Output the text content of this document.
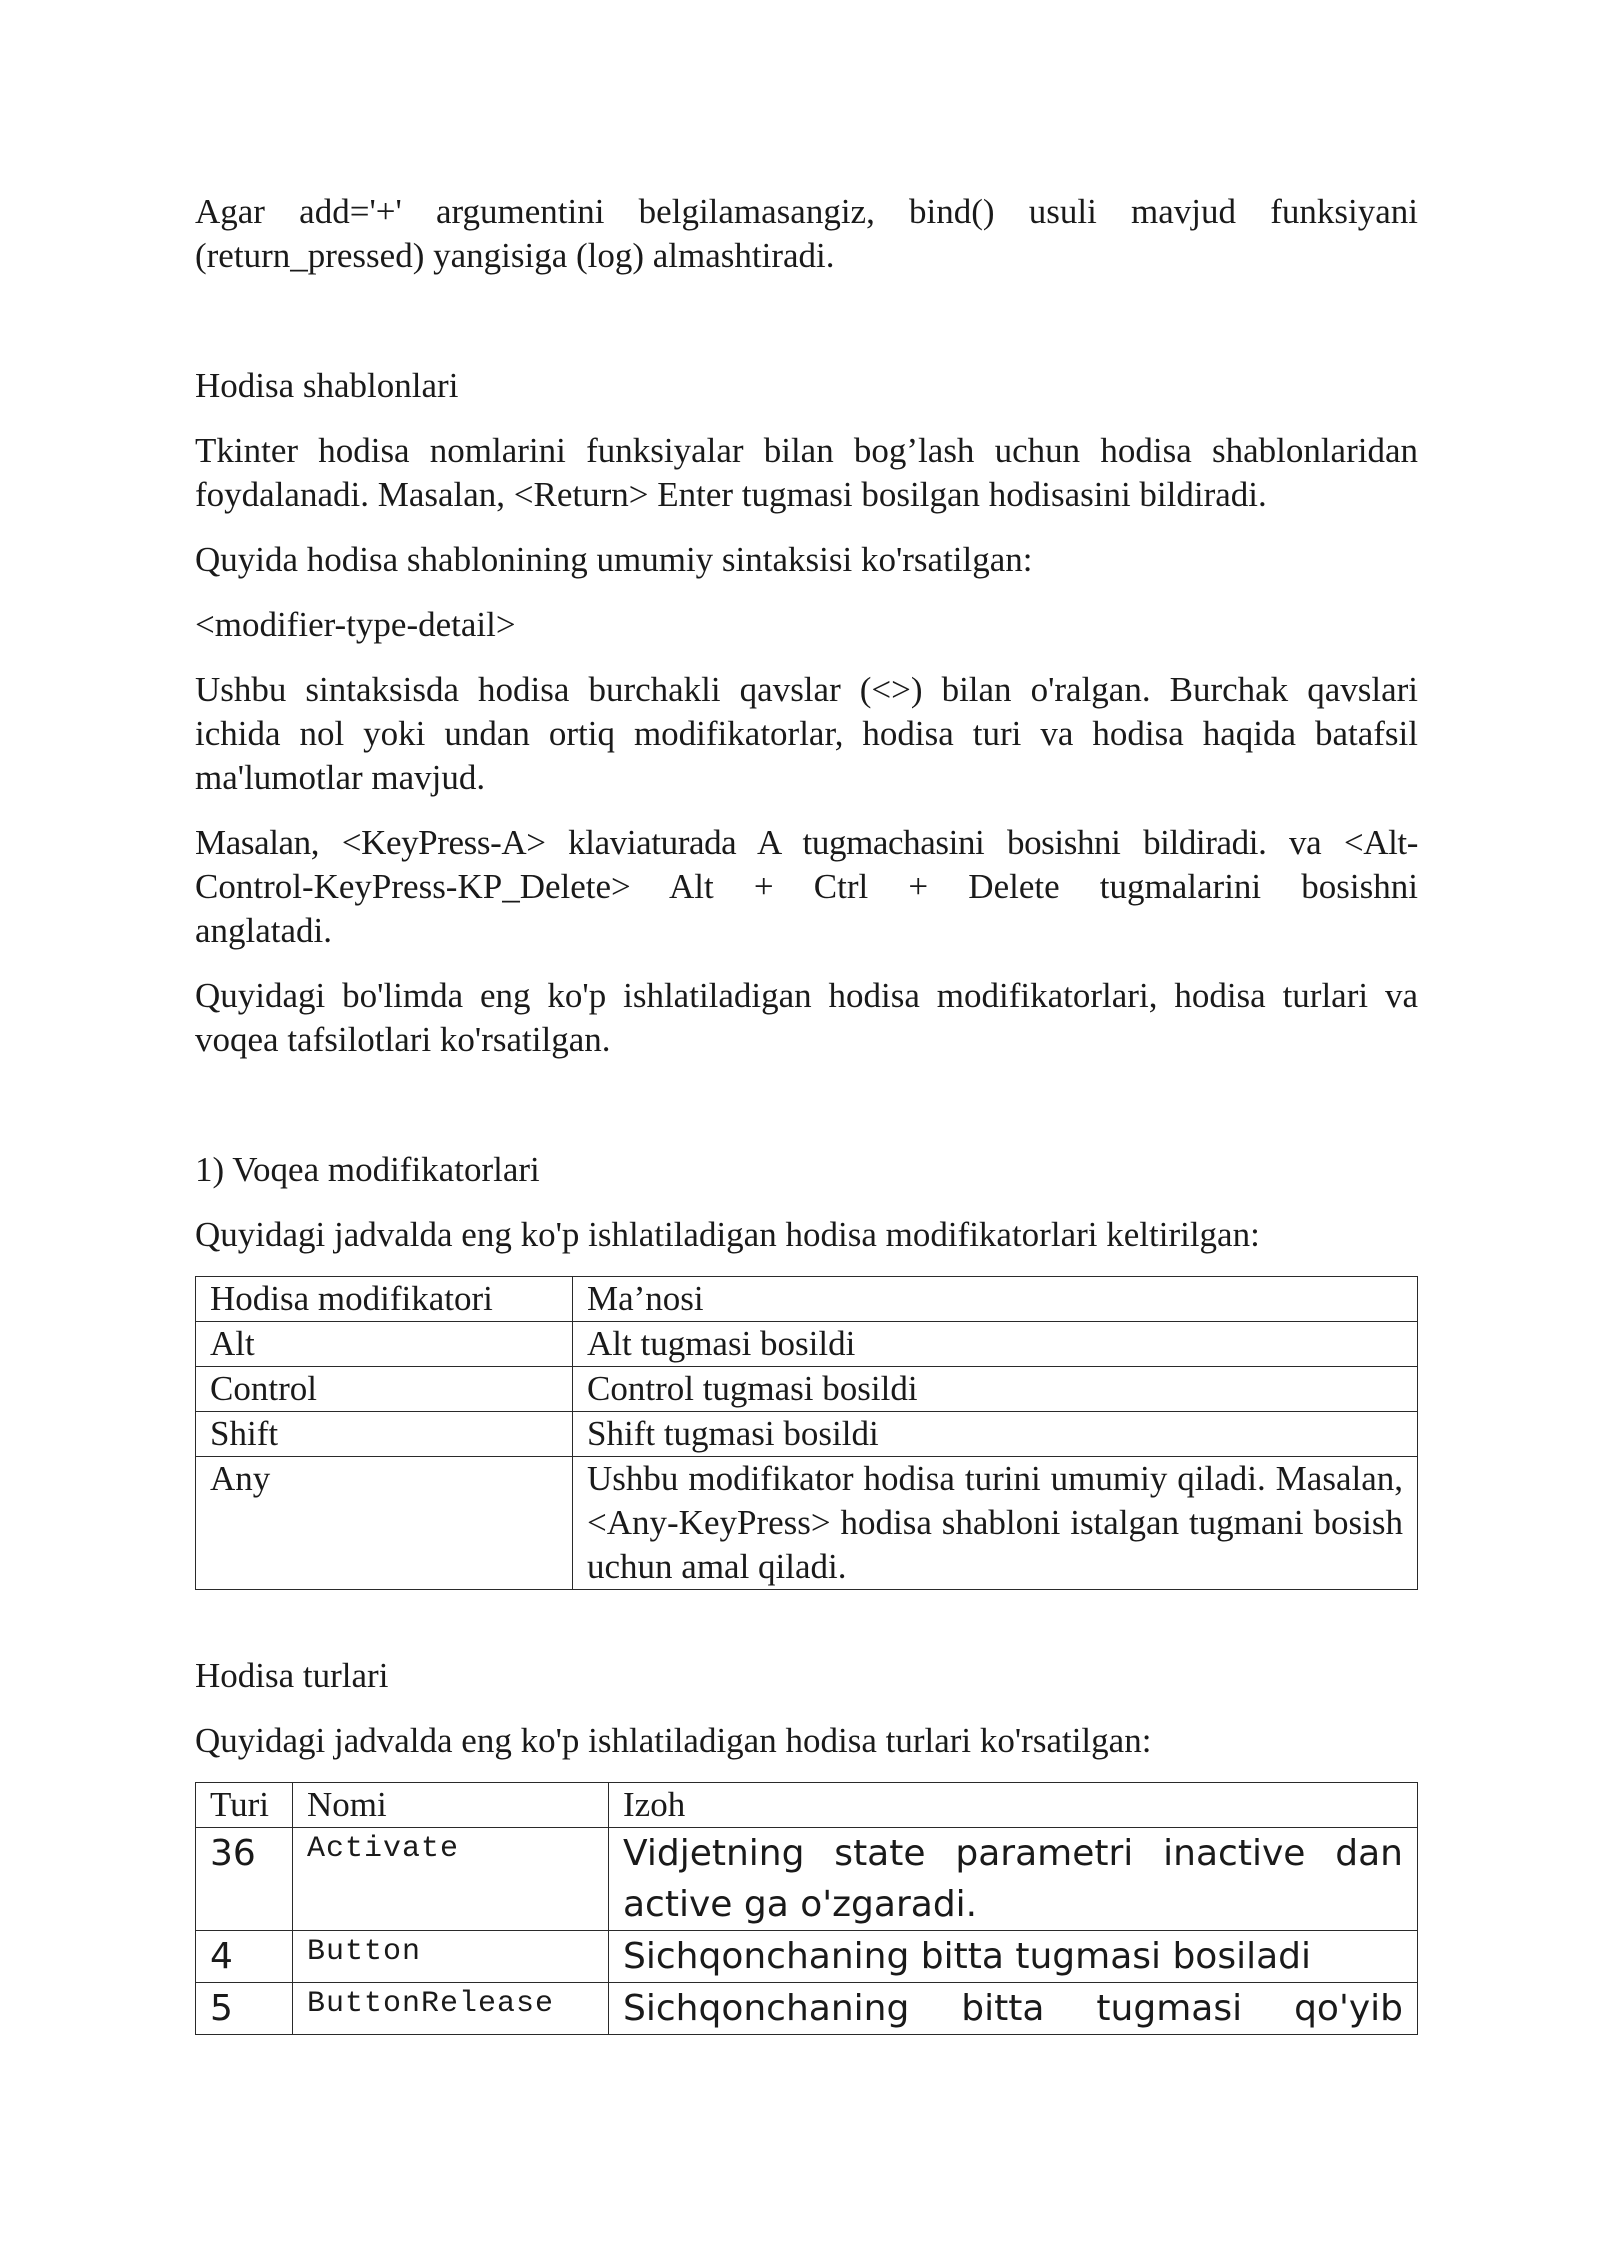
Agar add='+' argumentini belgilamasangiz, bind() usuli mavjud funksiyani (return_pressed) yangisiga (log) almashtiradi.

Hodisa shablonlari

Tkinter hodisa nomlarini funksiyalar bilan bog’lash uchun hodisa shablonlaridan foydalanadi. Masalan, <Return> Enter tugmasi bosilgan hodisasini bildiradi.

Quyida hodisa shablonining umumiy sintaksisi ko'rsatilgan:

<modifier-type-detail>

Ushbu sintaksisda hodisa burchakli qavslar (<>) bilan o'ralgan. Burchak qavslari ichida nol yoki undan ortiq modifikatorlar, hodisa turi va hodisa haqida batafsil ma'lumotlar mavjud.

Masalan, <KeyPress-A> klaviaturada A tugmachasini bosishni bildiradi. va <Alt-

Control-KeyPress-KP_Delete> Alt + Ctrl + Delete tugmalarini bosishni

anglatadi.

Quyidagi bo'limda eng ko'p ishlatiladigan hodisa modifikatorlari, hodisa turlari va voqea tafsilotlari ko'rsatilgan.

1) Voqea modifikatorlari

Quyidagi jadvalda eng ko'p ishlatiladigan hodisa modifikatorlari keltirilgan:

Hodisa modifikatori	Ma’nosi
Alt	Alt tugmasi bosildi
Control	Control tugmasi bosildi
Shift	Shift tugmasi bosildi
Any	Ushbu modifikator hodisa turini umumiy qiladi. Masalan, <Any-KeyPress> hodisa shabloni istalgan tugmani bosish uchun amal qiladi.

Hodisa turlari

Quyidagi jadvalda eng ko'p ishlatiladigan hodisa turlari ko'rsatilgan:

Turi	Nomi	Izoh
36	Activate	Vidjetning state parametri inactive dan active ga o'zgaradi.
4	Button	Sichqonchaning bitta tugmasi bosiladi
5	ButtonRelease	Sichqonchaning bitta tugmasi qo'yib
